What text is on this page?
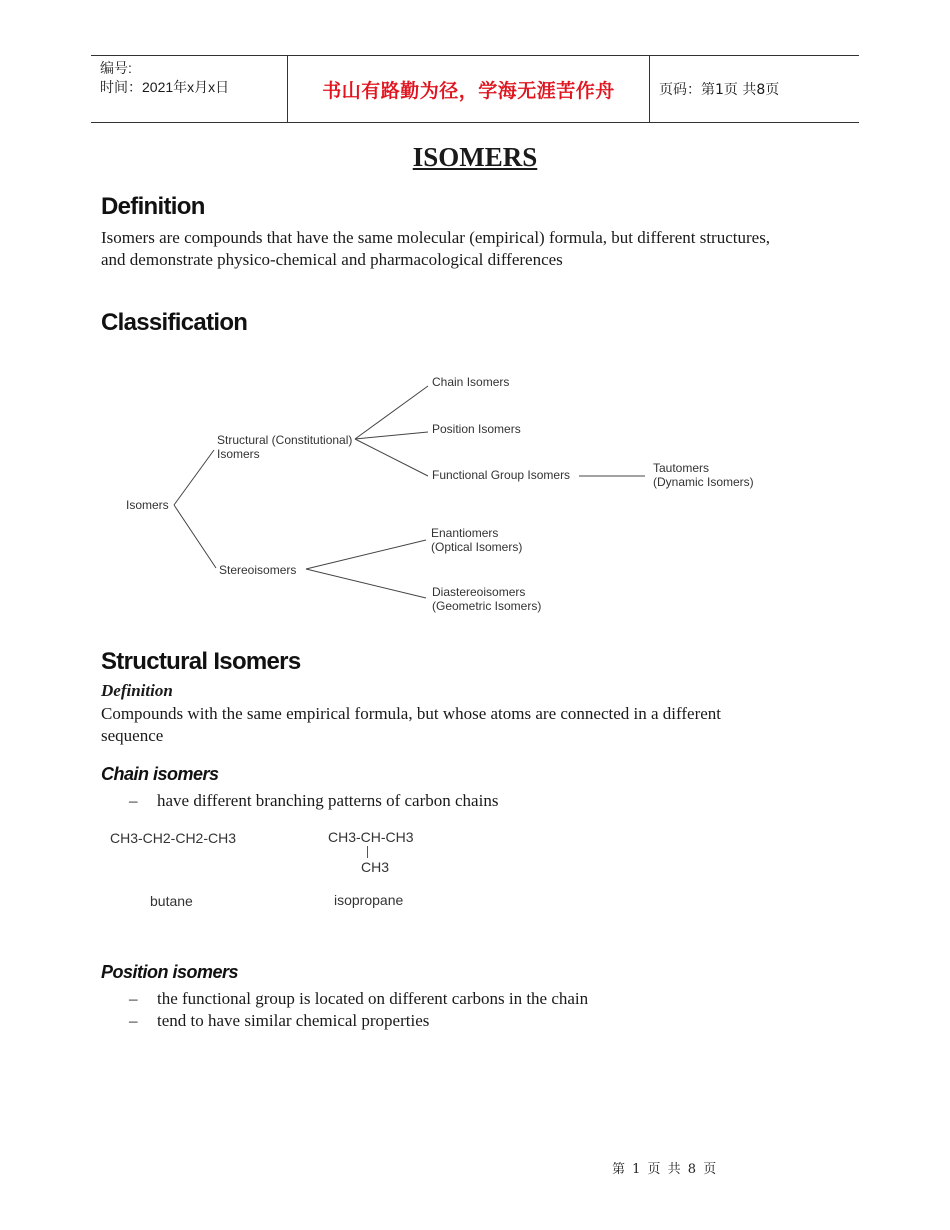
编号:
时间：2021年x月x日	书山有路勤为径，学海无涯苦作舟	页码：第1页 共8页
ISOMERS
Definition
Isomers are compounds that have the same molecular (empirical) formula, but different structures,
and demonstrate physico-chemical and pharmacological differences
Classification
Isomers
Structural (Constitutional)
Isomers
Stereoisomers
Chain Isomers
Position Isomers
Functional Group Isomers	Tautomers
(Dynamic Isomers)
Enantiomers
(Optical Isomers)
Diastereoisomers
(Geometric Isomers)
Structural Isomers
Definition
Compounds with the same empirical formula, but whose atoms are connected in a different
sequence
Chain isomers
– have different branching patterns of carbon chains
CH3-CH2-CH2-CH3	CH3-CH-CH3
CH3
butane	isopropane
Position isomers
– the functional group is located on different carbons in the chain
– tend to have similar chemical properties
第 1 页 共 8 页
